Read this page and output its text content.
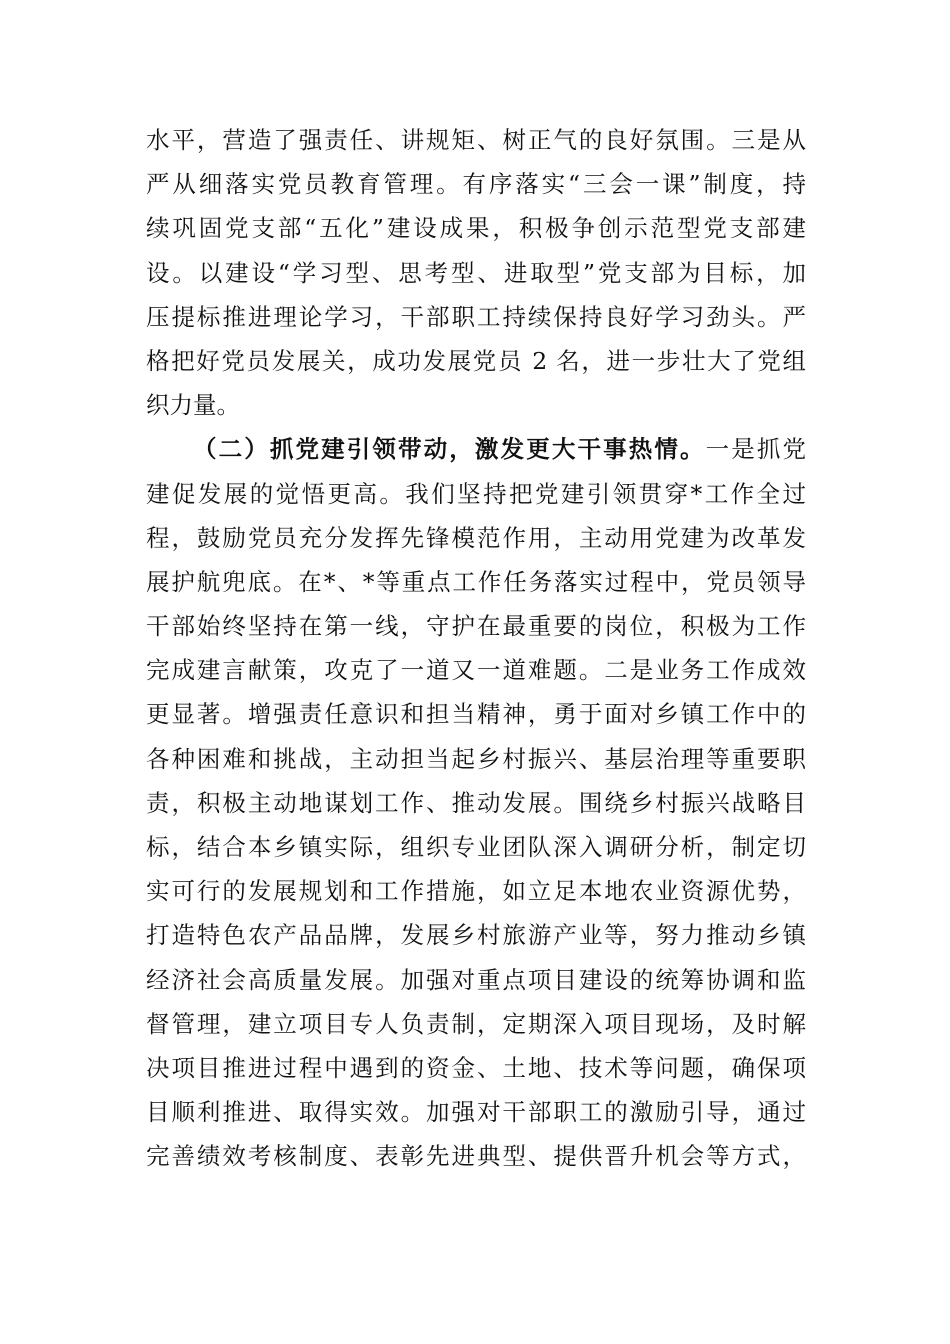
水平，营造了强责任、讲规矩、树正气的良好氛围。三是从
严从细落实党员教育管理。有序落实“三会一课”制度，持
续巩固党支部“五化”建设成果，积极争创示范型党支部建
设。以建设“学习型、思考型、进取型”党支部为目标，加
压提标推进理论学习，干部职工持续保持良好学习劲头。严
格把好党员发展关，成功发展党员 2 名，进一步壮大了党组
织力量。
（二）抓党建引领带动，激发更大干事热情。一是抓党
建促发展的觉悟更高。我们坚持把党建引领贯穿*工作全过
程，鼓励党员充分发挥先锋模范作用，主动用党建为改革发
展护航兜底。在*、*等重点工作任务落实过程中，党员领导
干部始终坚持在第一线，守护在最重要的岗位，积极为工作
完成建言献策，攻克了一道又一道难题。二是业务工作成效
更显著。增强责任意识和担当精神，勇于面对乡镇工作中的
各种困难和挑战，主动担当起乡村振兴、基层治理等重要职
责，积极主动地谋划工作、推动发展。围绕乡村振兴战略目
标，结合本乡镇实际，组织专业团队深入调研分析，制定切
实可行的发展规划和工作措施，如立足本地农业资源优势，
打造特色农产品品牌，发展乡村旅游产业等，努力推动乡镇
经济社会高质量发展。加强对重点项目建设的统筹协调和监
督管理，建立项目专人负责制，定期深入项目现场，及时解
决项目推进过程中遇到的资金、土地、技术等问题，确保项
目顺利推进、取得实效。加强对干部职工的激励引导，通过
完善绩效考核制度、表彰先进典型、提供晋升机会等方式，
